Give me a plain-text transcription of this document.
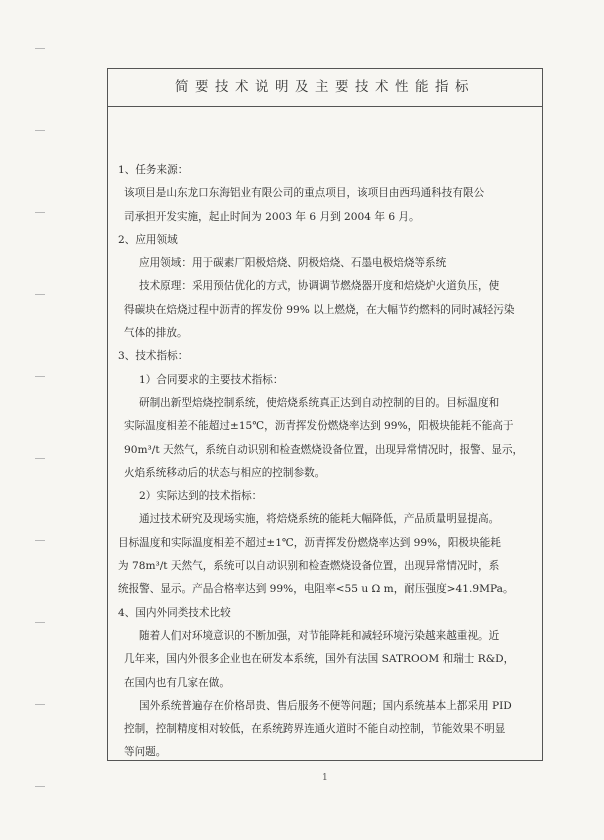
简要技术说明及主要技术性能指标
1、任务来源：
该项目是山东龙口东海铝业有限公司的重点项目，该项目由西玛通科技有限公
司承担开发实施，起止时间为 2003 年 6 月到 2004 年 6 月。
2、应用领域
应用领域：用于碳素厂阳极焙烧、阴极焙烧、石墨电极焙烧等系统
技术原理：采用预估优化的方式，协调调节燃烧器开度和焙烧炉火道负压，使
得碳块在焙烧过程中沥青的挥发份 99% 以上燃烧，在大幅节约燃料的同时减轻污染
气体的排放。
3、技术指标：
1）合同要求的主要技术指标：
研制出新型焙烧控制系统，使焙烧系统真正达到自动控制的目的。目标温度和
实际温度相差不能超过±15℃，沥青挥发份燃烧率达到 99%，阳极块能耗不能高于
90m³/t 天然气，系统自动识别和检查燃烧设备位置，出现异常情况时，报警、显示，
火焰系统移动后的状态与相应的控制参数。
2）实际达到的技术指标：
通过技术研究及现场实施，将焙烧系统的能耗大幅降低，产品质量明显提高。
目标温度和实际温度相差不超过±1℃，沥青挥发份燃烧率达到 99%，阳极块能耗
为 78m³/t 天然气，系统可以自动识别和检查燃烧设备位置，出现异常情况时，系
统报警、显示。产品合格率达到 99%，电阻率<55 u Ω m，耐压强度>41.9MPa。
4、国内外同类技术比较
随着人们对环境意识的不断加强，对节能降耗和减轻环境污染越来越重视。近
几年来，国内外很多企业也在研发本系统，国外有法国 SATROOM 和瑞士 R&D，
在国内也有几家在做。
国外系统普遍存在价格昂贵、售后服务不便等问题；国内系统基本上都采用 PID
控制，控制精度相对较低，在系统跨界连通火道时不能自动控制，节能效果不明显
等问题。
1
